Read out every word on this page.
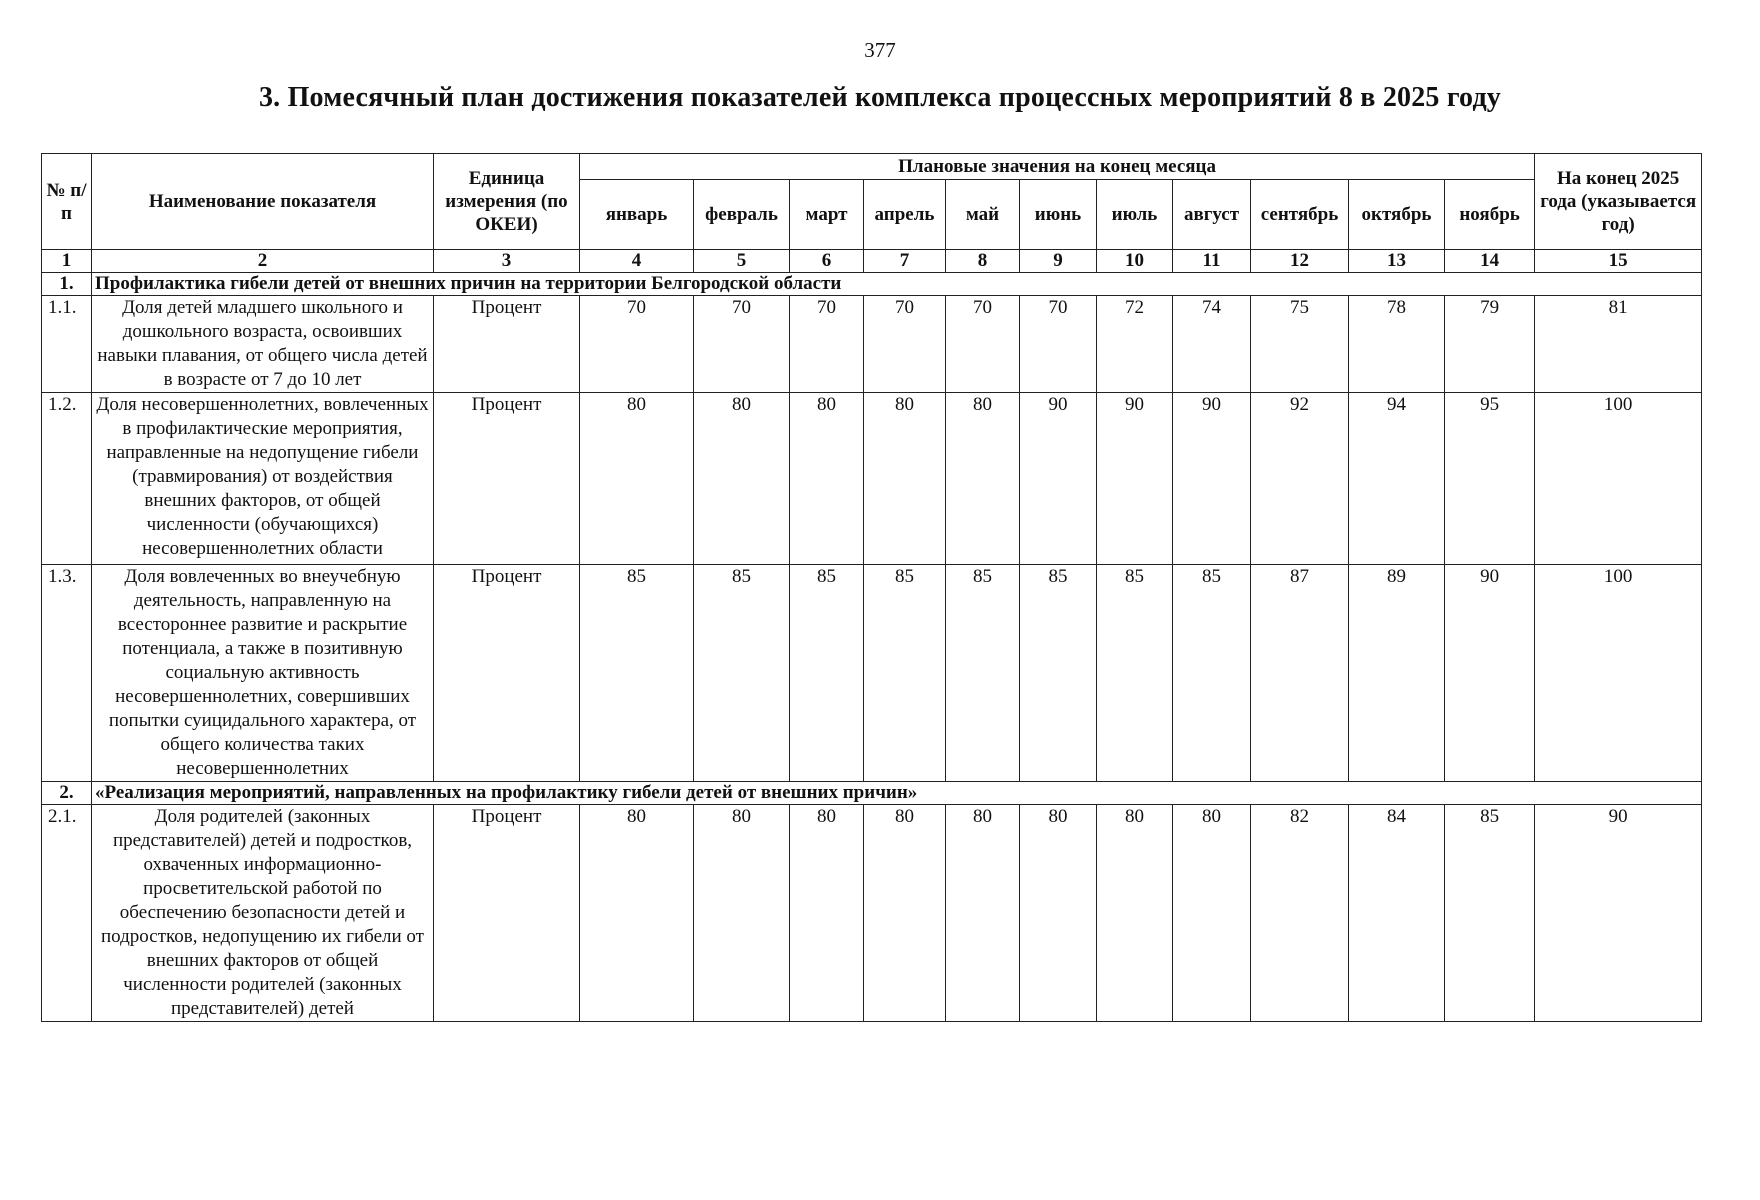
377
3. Помесячный план достижения показателей комплекса процессных мероприятий 8 в 2025 году
№ п/п	Наименование показателя	Единица измерения (по ОКЕИ)	Плановые значения на конец месяца											На конец 2025 года (указывается год)
			январь	февраль	март	апрель	май	июнь	июль	август	сентябрь	октябрь	ноябрь	
1	2	3	4	5	6	7	8	9	10	11	12	13	14	15
1.	Профилактика гибели детей от внешних причин на территории Белгородской области													
1.1.	Доля детей младшего школьного и дошкольного возраста, освоивших навыки плавания, от общего числа детей в возрасте от 7 до 10 лет	Процент	70	70	70	70	70	70	72	74	75	78	79	81
1.2.	Доля несовершеннолетних, вовлеченных в профилактические мероприятия, направленные на недопущение гибели (травмирования) от воздействия внешних факторов, от общей численности (обучающихся) несовершеннолетних области	Процент	80	80	80	80	80	90	90	90	92	94	95	100
1.3.	Доля вовлеченных во внеучебную деятельность, направленную на всестороннее развитие и раскрытие потенциала, а также в позитивную социальную активность несовершеннолетних, совершивших попытки суицидального характера, от общего количества таких несовершеннолетних	Процент	85	85	85	85	85	85	85	85	87	89	90	100
2.	«Реализация мероприятий, направленных на профилактику гибели детей от внешних причин»													
2.1.	Доля родителей (законных представителей) детей и подростков, охваченных информационно-просветительской работой по обеспечению безопасности детей и подростков, недопущению их гибели от внешних факторов от общей численности родителей (законных представителей) детей	Процент	80	80	80	80	80	80	80	80	82	84	85	90
